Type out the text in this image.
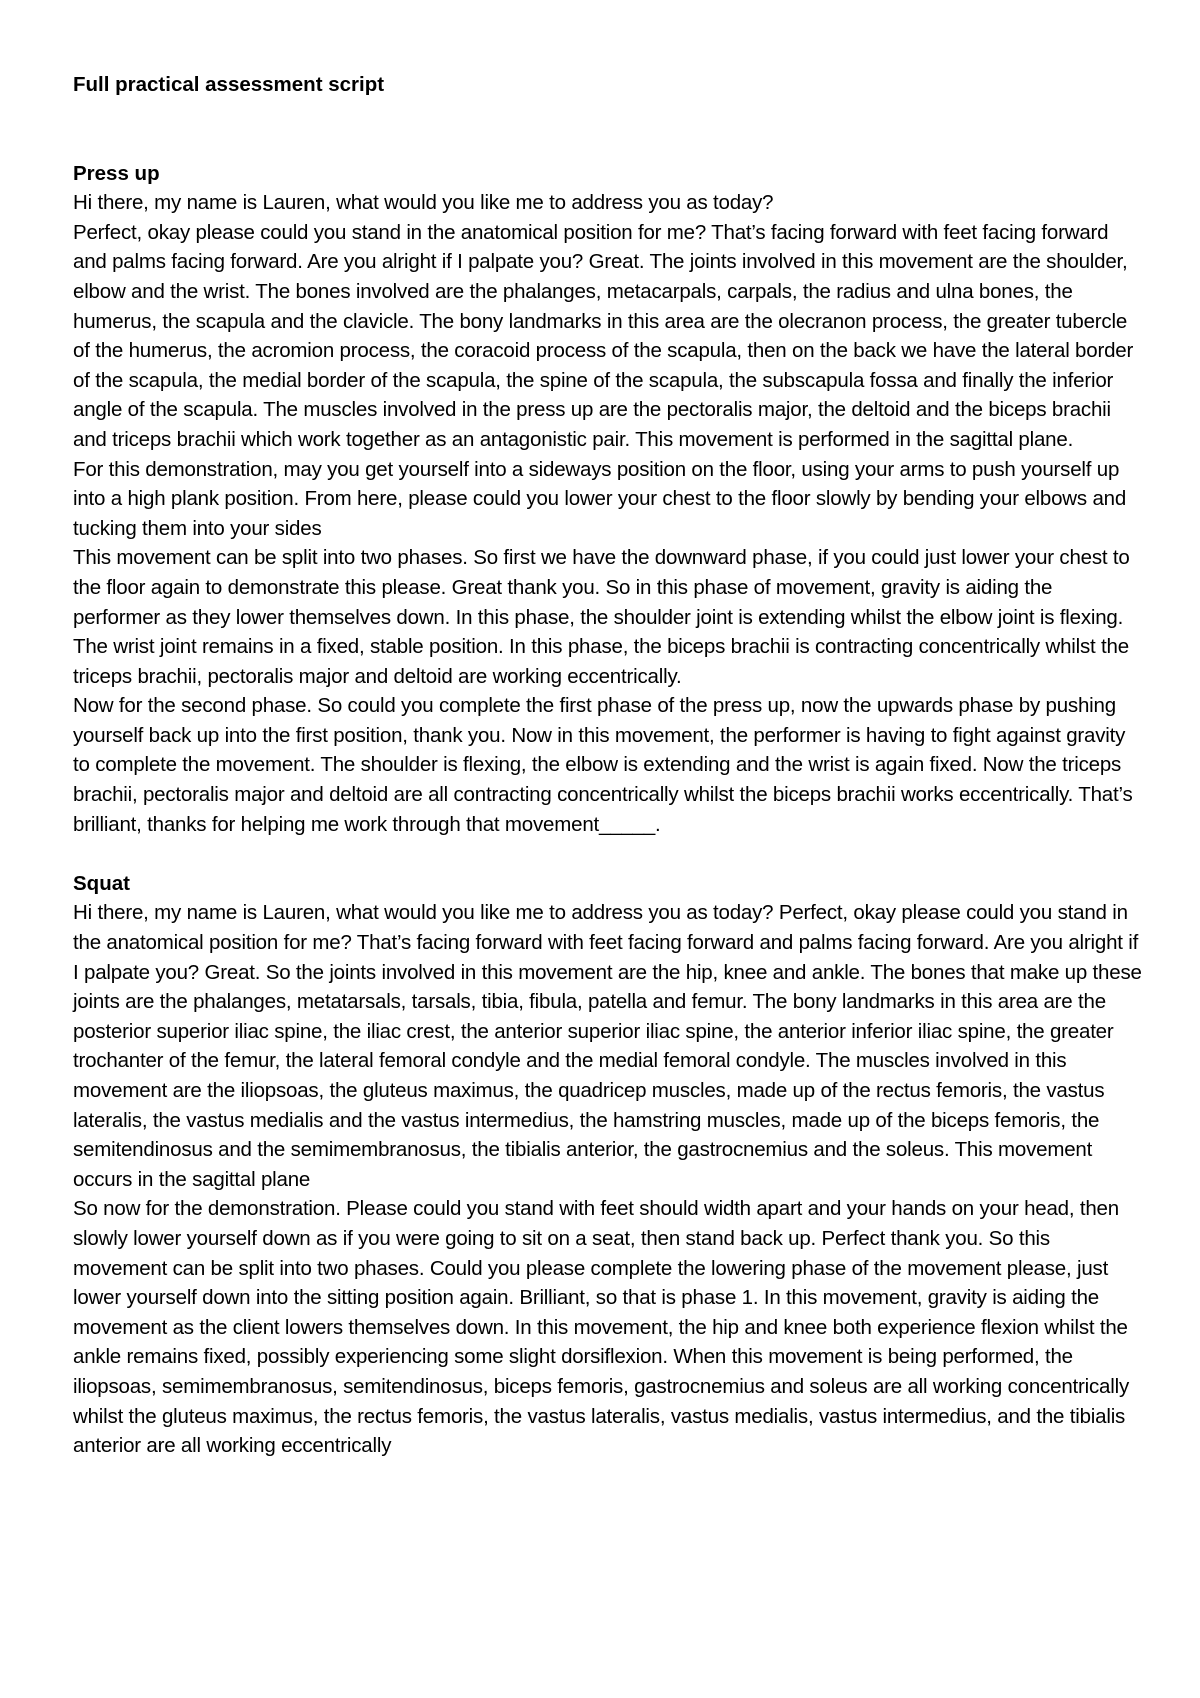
Full practical assessment script
Press up

Hi there, my name is Lauren, what would you like me to address you as today?

Perfect, okay please could you stand in the anatomical position for me? That’s facing forward with feet facing forward and palms facing forward. Are you alright if I palpate you? Great. The joints involved in this movement are the shoulder, elbow and the wrist. The bones involved are the phalanges, metacarpals, carpals, the radius and ulna bones, the humerus, the scapula and the clavicle. The bony landmarks in this area are the olecranon process, the greater tubercle of the humerus, the acromion process, the coracoid process of the scapula, then on the back we have the lateral border of the scapula, the medial border of the scapula, the spine of the scapula, the subscapula fossa and finally the inferior angle of the scapula. The muscles involved in the press up are the pectoralis major, the deltoid and the biceps brachii and triceps brachii which work together as an antagonistic pair. This movement is performed in the sagittal plane.

For this demonstration, may you get yourself into a sideways position on the floor, using your arms to push yourself up into a high plank position. From here, please could you lower your chest to the floor slowly by bending your elbows and tucking them into your sides

This movement can be split into two phases. So first we have the downward phase, if you could just lower your chest to the floor again to demonstrate this please. Great thank you. So in this phase of movement, gravity is aiding the performer as they lower themselves down. In this phase, the shoulder joint is extending whilst the elbow joint is flexing. The wrist joint remains in a fixed, stable position. In this phase, the biceps brachii is contracting concentrically whilst the triceps brachii, pectoralis major and deltoid are working eccentrically.

Now for the second phase. So could you complete the first phase of the press up, now the upwards phase by pushing yourself back up into the first position, thank you. Now in this movement, the performer is having to fight against gravity to complete the movement. The shoulder is flexing, the elbow is extending and the wrist is again fixed. Now the triceps brachii, pectoralis major and deltoid are all contracting concentrically whilst the biceps brachii works eccentrically. That’s brilliant, thanks for helping me work through that movement_____.

Squat

Hi there, my name is Lauren, what would you like me to address you as today? Perfect, okay please could you stand in the anatomical position for me? That’s facing forward with feet facing forward and palms facing forward. Are you alright if I palpate you? Great. So the joints involved in this movement are the hip, knee and ankle. The bones that make up these joints are the phalanges, metatarsals, tarsals, tibia, fibula, patella and femur. The bony landmarks in this area are the posterior superior iliac spine, the iliac crest, the anterior superior iliac spine, the anterior inferior iliac spine, the greater trochanter of the femur, the lateral femoral condyle and the medial femoral condyle. The muscles involved in this movement are the iliopsoas, the gluteus maximus, the quadricep muscles, made up of the rectus femoris, the vastus lateralis, the vastus medialis and the vastus intermedius, the hamstring muscles, made up of the biceps femoris, the semitendinosus and the semimembranosus, the tibialis anterior, the gastrocnemius and the soleus. This movement occurs in the sagittal plane

So now for the demonstration. Please could you stand with feet should width apart and your hands on your head, then slowly lower yourself down as if you were going to sit on a seat, then stand back up. Perfect thank you. So this movement can be split into two phases. Could you please complete the lowering phase of the movement please, just lower yourself down into the sitting position again. Brilliant, so that is phase 1. In this movement, gravity is aiding the movement as the client lowers themselves down. In this movement, the hip and knee both experience flexion whilst the ankle remains fixed, possibly experiencing some slight dorsiflexion. When this movement is being performed, the iliopsoas, semimembranosus, semitendinosus, biceps femoris, gastrocnemius and soleus are all working concentrically whilst the gluteus maximus, the rectus femoris, the vastus lateralis, vastus medialis, vastus intermedius, and the tibialis anterior are all working eccentrically
